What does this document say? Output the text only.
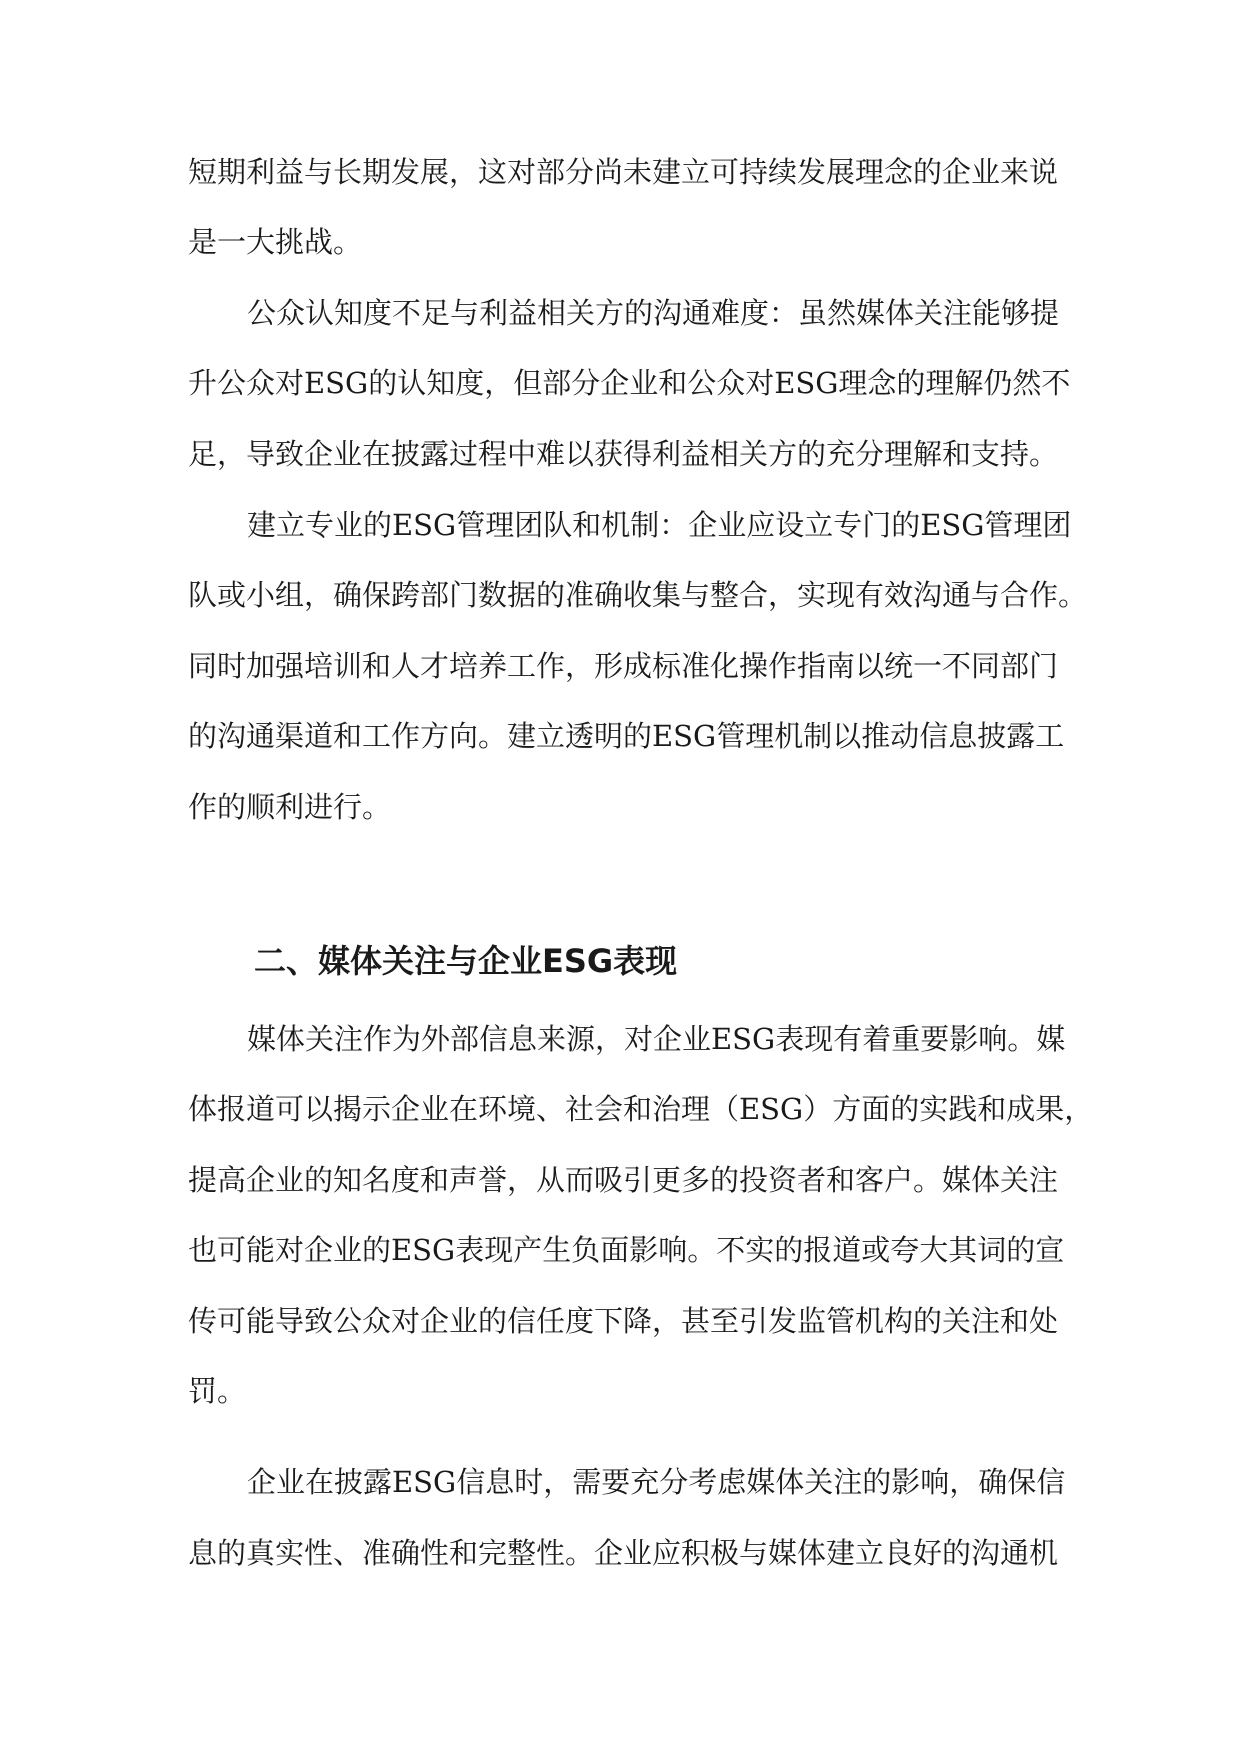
短期利益与长期发展，这对部分尚未建立可持续发展理念的企业来说
是一大挑战。
公众认知度不足与利益相关方的沟通难度：虽然媒体关注能够提
升公众对ESG的认知度，但部分企业和公众对ESG理念的理解仍然不
足，导致企业在披露过程中难以获得利益相关方的充分理解和支持。
建立专业的ESG管理团队和机制：企业应设立专门的ESG管理团
队或小组，确保跨部门数据的准确收集与整合，实现有效沟通与合作。
同时加强培训和人才培养工作，形成标准化操作指南以统一不同部门
的沟通渠道和工作方向。建立透明的ESG管理机制以推动信息披露工
作的顺利进行。
二、媒体关注与企业ESG表现
媒体关注作为外部信息来源，对企业ESG表现有着重要影响。媒
体报道可以揭示企业在环境、社会和治理（ESG）方面的实践和成果，
提高企业的知名度和声誉，从而吸引更多的投资者和客户。媒体关注
也可能对企业的ESG表现产生负面影响。不实的报道或夸大其词的宣
传可能导致公众对企业的信任度下降，甚至引发监管机构的关注和处
罚。
企业在披露ESG信息时，需要充分考虑媒体关注的影响，确保信
息的真实性、准确性和完整性。企业应积极与媒体建立良好的沟通机
